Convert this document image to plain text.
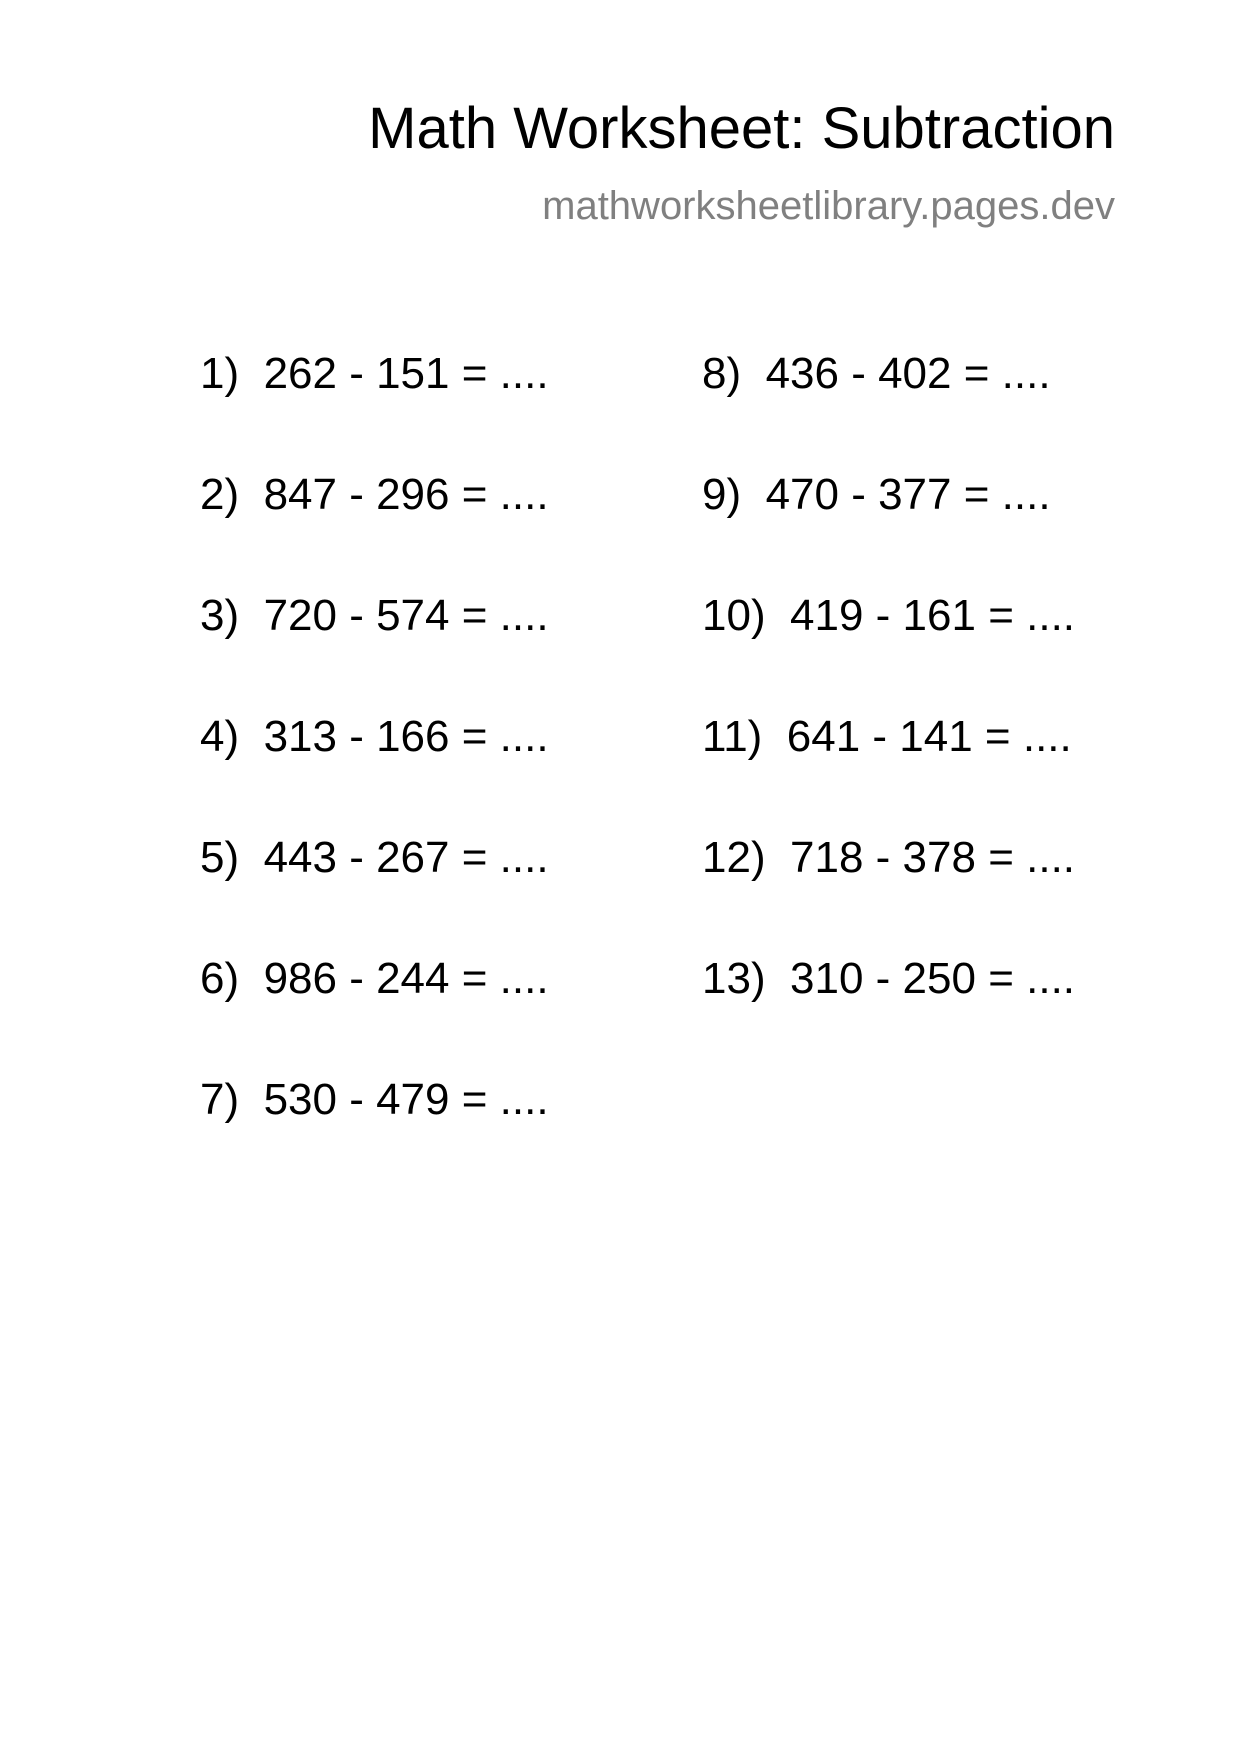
Math Worksheet: Subtraction
mathworksheetlibrary.pages.dev
1)  262 - 151 = ....
2)  847 - 296 = ....
3)  720 - 574 = ....
4)  313 - 166 = ....
5)  443 - 267 = ....
6)  986 - 244 = ....
7)  530 - 479 = ....
8)  436 - 402 = ....
9)  470 - 377 = ....
10)  419 - 161 = ....
11)  641 - 141 = ....
12)  718 - 378 = ....
13)  310 - 250 = ....
